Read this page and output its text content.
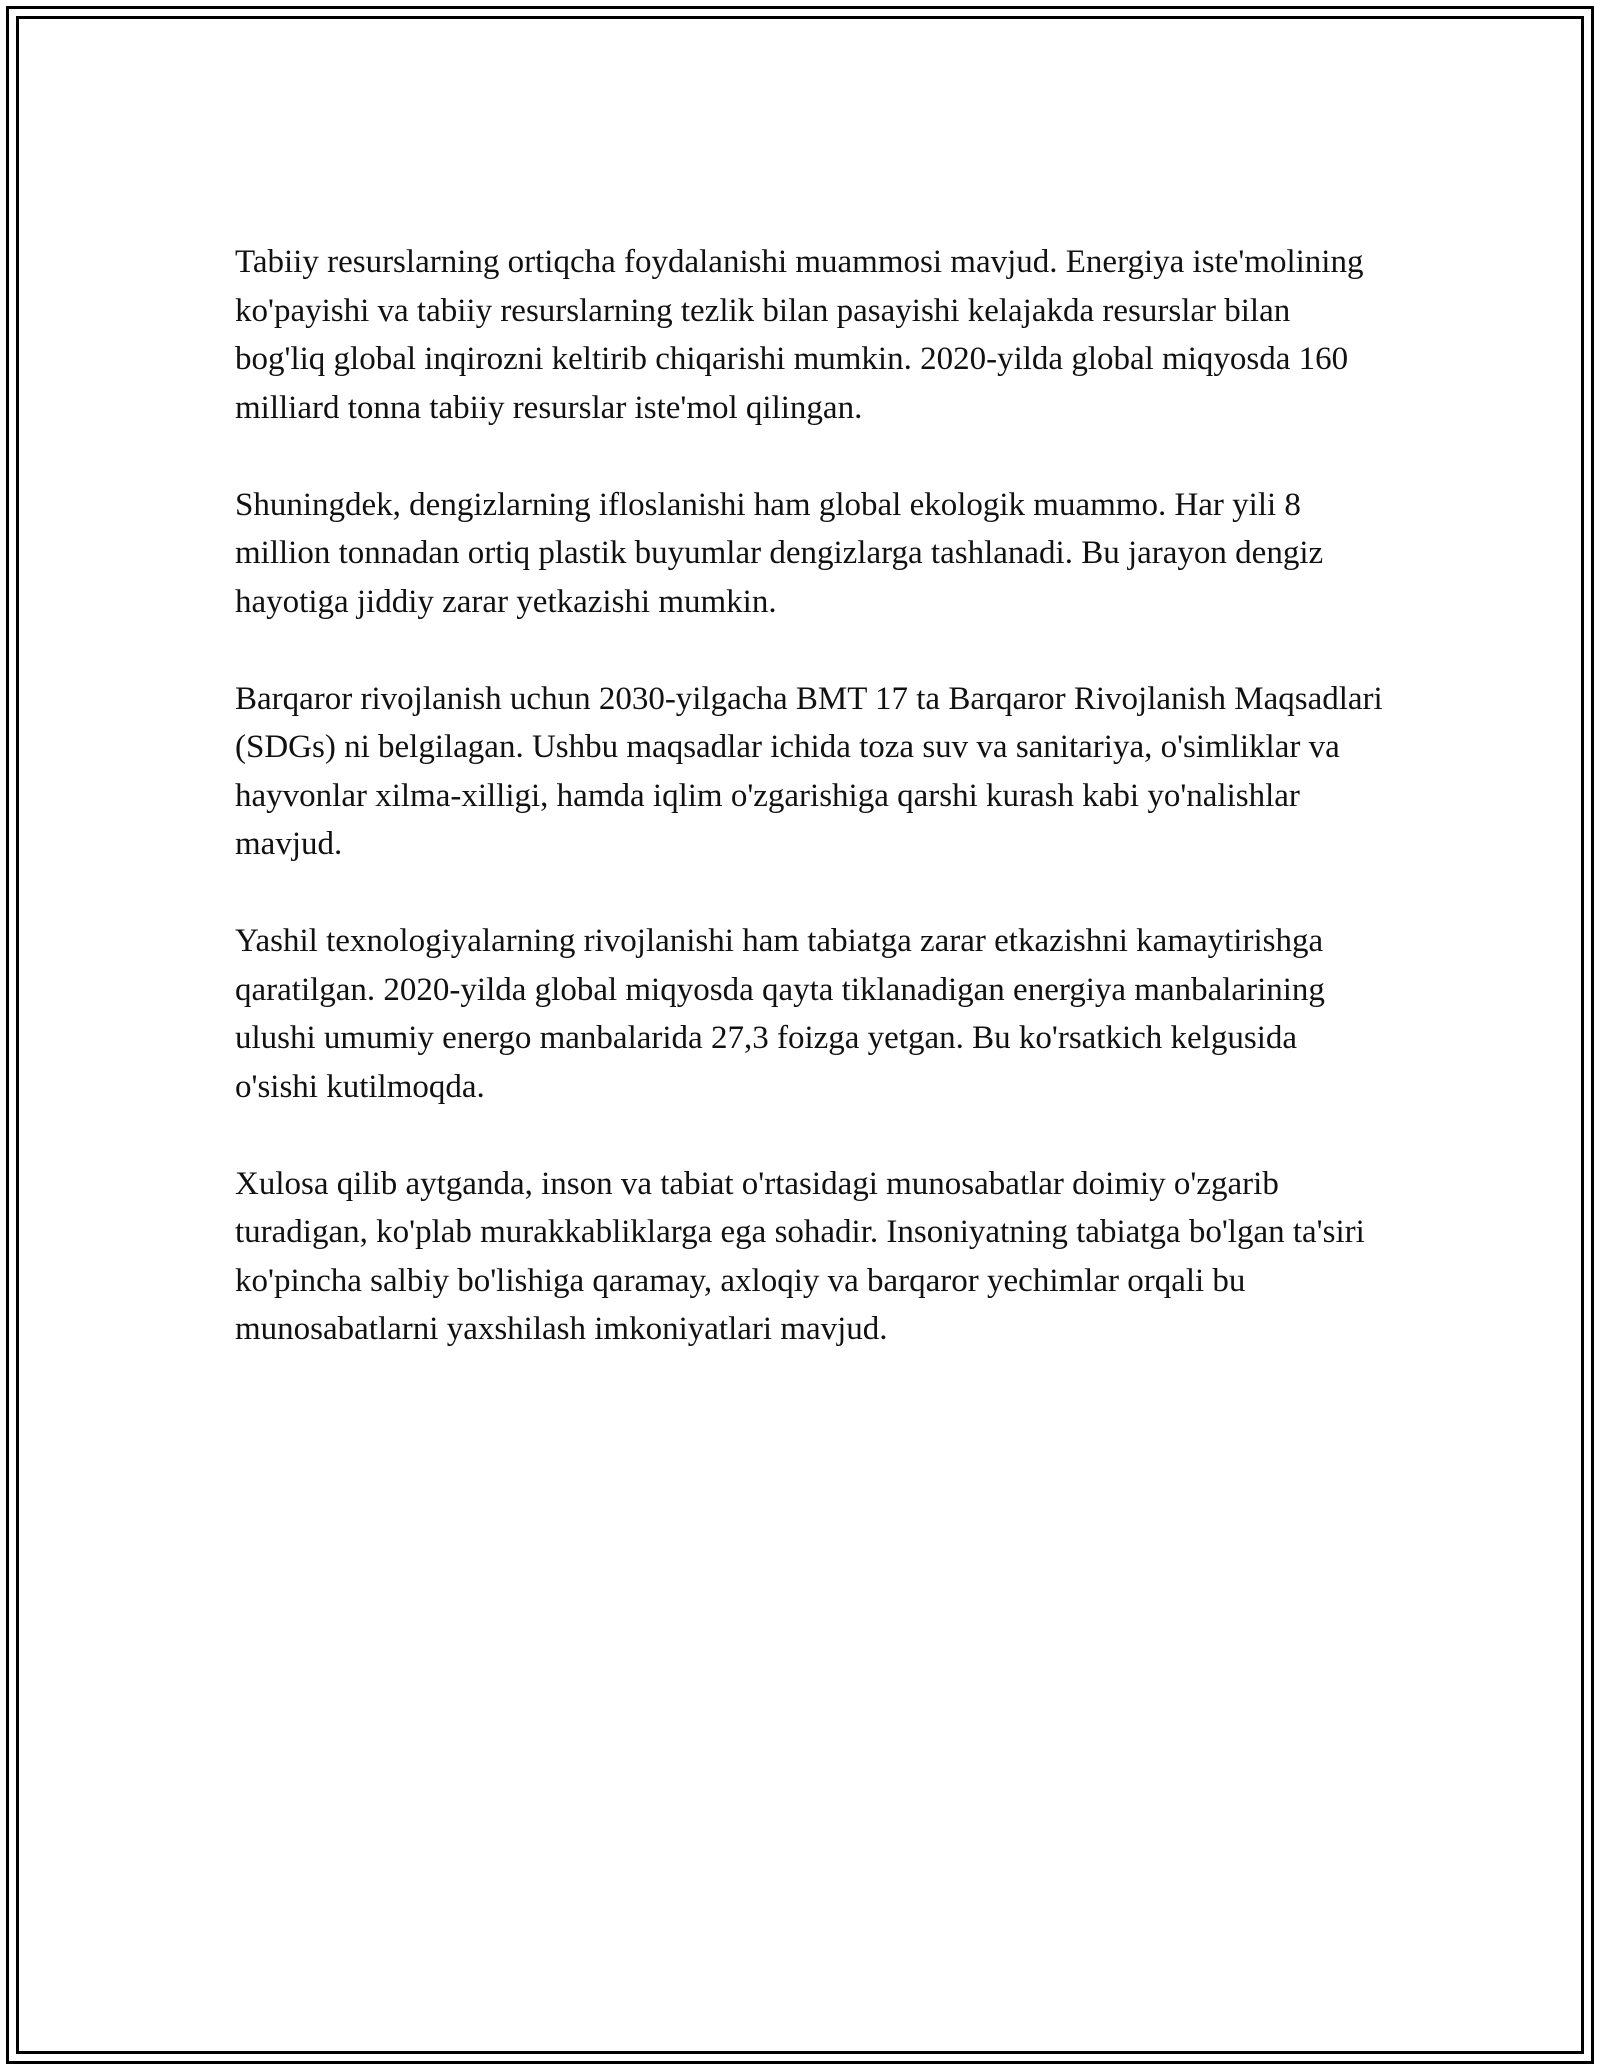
Tabiiy resurslarning ortiqcha foydalanishi muammosi mavjud. Energiya iste'molining ko'payishi va tabiiy resurslarning tezlik bilan pasayishi kelajakda resurslar bilan bog'liq global inqirozni keltirib chiqarishi mumkin. 2020-yilda global miqyosda 160 milliard tonna tabiiy resurslar iste'mol qilingan.

Shuningdek, dengizlarning ifloslanishi ham global ekologik muammo. Har yili 8 million tonnadan ortiq plastik buyumlar dengizlarga tashlanadi. Bu jarayon dengiz hayotiga jiddiy zarar yetkazishi mumkin.

Barqaror rivojlanish uchun 2030-yilgacha BMT 17 ta Barqaror Rivojlanish Maqsadlari (SDGs) ni belgilagan. Ushbu maqsadlar ichida toza suv va sanitariya, o'simliklar va hayvonlar xilma-xilligi, hamda iqlim o'zgarishiga qarshi kurash kabi yo'nalishlar mavjud.

Yashil texnologiyalarning rivojlanishi ham tabiatga zarar etkazishni kamaytirishga qaratilgan. 2020-yilda global miqyosda qayta tiklanadigan energiya manbalarining ulushi umumiy energo manbalarida 27,3 foizga yetgan. Bu ko'rsatkich kelgusida o'sishi kutilmoqda.

Xulosa qilib aytganda, inson va tabiat o'rtasidagi munosabatlar doimiy o'zgarib turadigan, ko'plab murakkabliklarga ega sohadir. Insoniyatning tabiatga bo'lgan ta'siri ko'pincha salbiy bo'lishiga qaramay, axloqiy va barqaror yechimlar orqali bu munosabatlarni yaxshilash imkoniyatlari mavjud.
